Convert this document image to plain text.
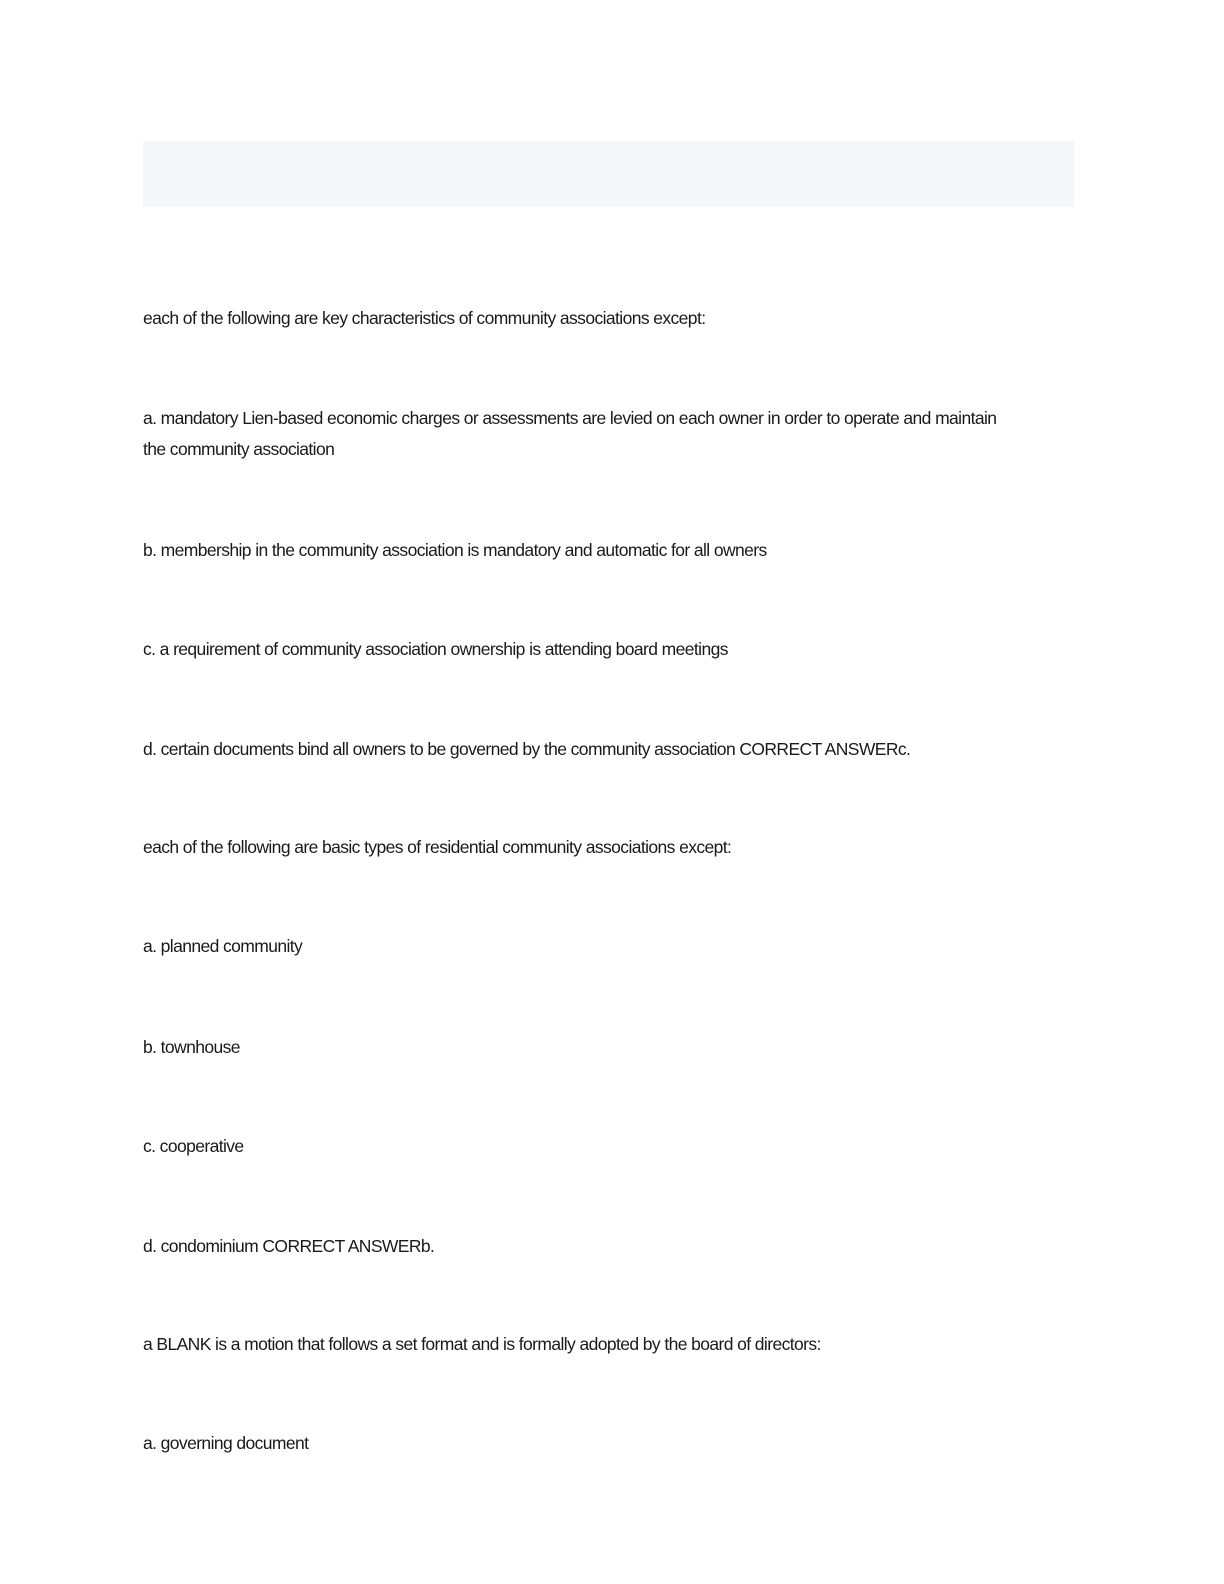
each of the following are key characteristics of community associations except:
a. mandatory Lien-based economic charges or assessments are levied on each owner in order to operate and maintain the community association
b. membership in the community association is mandatory and automatic for all owners
c. a requirement of community association ownership is attending board meetings
d. certain documents bind all owners to be governed by the community association CORRECT ANSWERc.
each of the following are basic types of residential community associations except:
a. planned community
b. townhouse
c. cooperative
d. condominium CORRECT ANSWERb.
a BLANK is a motion that follows a set format and is formally adopted by the board of directors:
a. governing document
